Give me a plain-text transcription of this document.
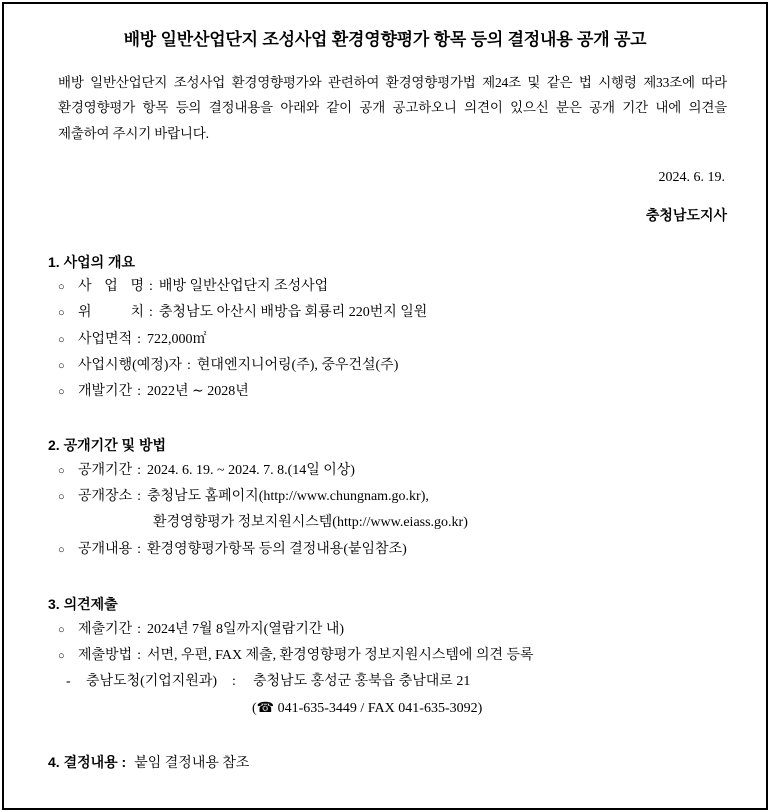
배방 일반산업단지 조성사업 환경영향평가 항목 등의 결정내용 공개 공고
배방 일반산업단지 조성사업 환경영향평가와 관련하여 환경영향평가법 제24조 및 같은 법 시행령 제33조에 따라
환경영향평가 항목 등의 결정내용을 아래와 같이 공개 공고하오니 의견이 있으신 분은 공개 기간 내에 의견을
제출하여 주시기 바랍니다.
2024. 6. 19.
충청남도지사
1. 사업의 개요
○ 사 업 명 : 배방 일반산업단지 조성사업
○ 위 치 : 충청남도 아산시 배방읍 회룡리 220번지 일원
○ 사업면적 : 722,000㎡
○ 사업시행(예정)자 : 현대엔지니어링(주), 중우건설(주)
○ 개발기간 : 2022년 ∼ 2028년
2. 공개기간 및 방법
○ 공개기간 : 2024. 6. 19. ~ 2024. 7. 8.(14일 이상)
○ 공개장소 : 충청남도 홈페이지(http://www.chungnam.go.kr),
환경영향평가 정보지원시스템(http://www.eiass.go.kr)
○ 공개내용 : 환경영향평가항목 등의 결정내용(붙임참조)
3. 의견제출
○ 제출기간 : 2024년 7월 8일까지(열람기간 내)
○ 제출방법 : 서면, 우편, FAX 제출, 환경영향평가 정보지원시스템에 의견 등록
- 충남도청(기업지원과) : 충청남도 홍성군 홍북읍 충남대로 21
(☎ 041-635-3449 / FAX 041-635-3092)
4. 결정내용 : 붙임 결정내용 참조
